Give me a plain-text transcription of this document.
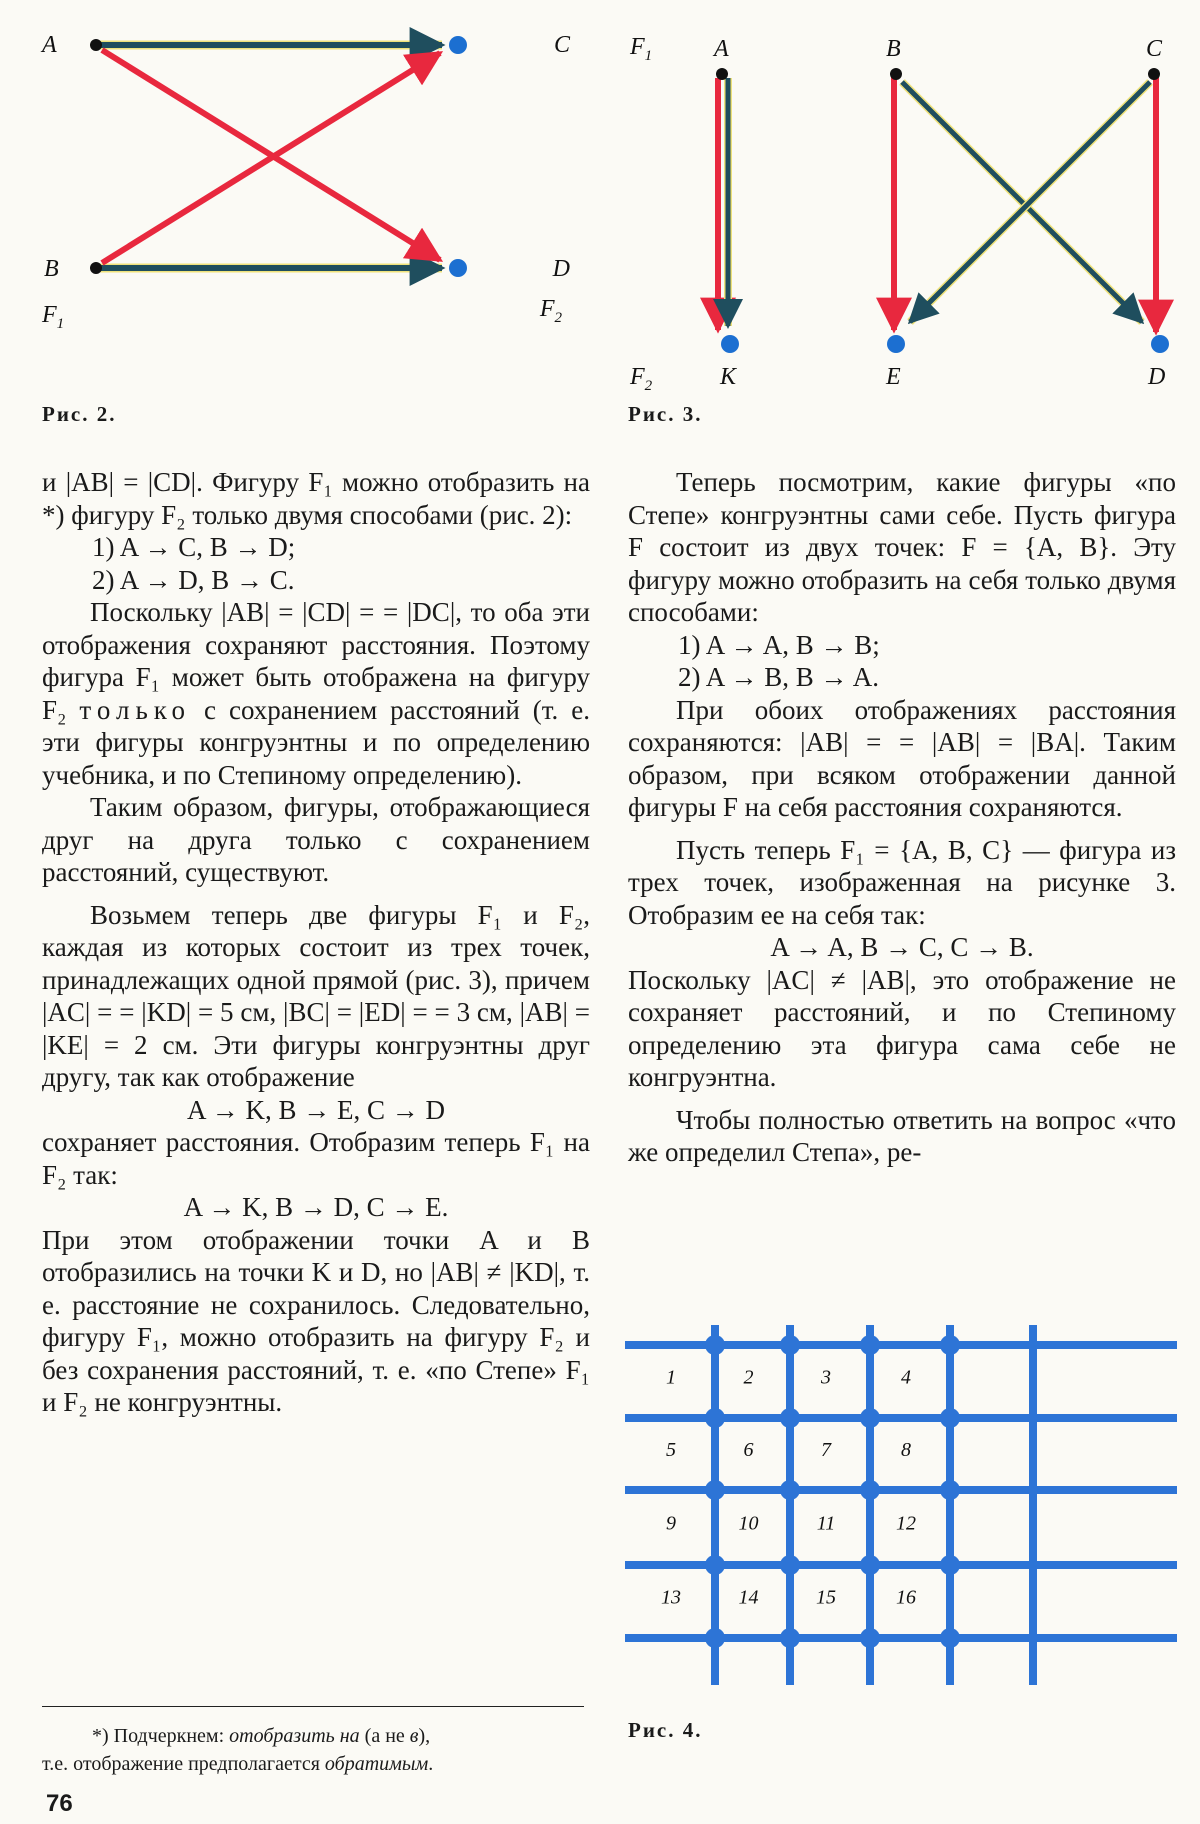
A
B
C
D
$F_1$
$F_2$
Рис. 2.
$F_1$	A	B	C
$F_2$	K	E	D
Рис. 3.

и |AB| = |CD|. Фигуру F₁ можно отобразить на *) фигуру F₂ только двумя способами (рис. 2):

1) A → C, B → D;

2) A → D, B → C.

Поскольку |AB| = |CD| = = |DC|, то оба эти отображения сохраняют расстояния. Поэтому фигура F₁ может быть отображена на фигуру F₂ только с сохранением расстояний (т. е. эти фигуры конгруэнтны и по определению учебника, и по Степиному определению).

Таким образом, фигуры, отображающиеся друг на друга только с сохранением расстояний, существуют.

Возьмем теперь две фигуры F₁ и F₂, каждая из которых состоит из трех точек, принадлежащих одной прямой (рис. 3), причем |AC| = = |KD| = 5 см, |BC| = |ED| = = 3 см, |AB| = |KE| = 2 см. Эти фигуры конгруэнтны друг другу, так как отображение

A → K, B → E, C → D

сохраняет расстояния. Отобразим теперь F₁ на F₂ так:

A → K, B → D, C → E.

При этом отображении точки A и B отобразились на точки K и D, но |AB| ≠ |KD|, т. е. расстояние не сохранилось. Следовательно, фигуру F₁, можно отобразить на фигуру F₂ и без сохранения расстояний, т. е. «по Степе» F₁ и F₂ не конгруэнтны.

*) Подчеркнем: отобразить на (а не в),

т.е. отображение предполагается обратимым.

76

Теперь посмотрим, какие фигуры «по Степе» конгруэнтны сами себе. Пусть фигура F состоит из двух точек: F = {A, B}. Эту фигуру можно отобразить на себя только двумя способами:

1) A → A, B → B;

2) A → B, B → A.

При обоих отображениях расстояния сохраняются: |AB| = = |AB| = |BA|. Таким образом, при всяком отображении данной фигуры F на себя расстояния сохраняются.

Пусть теперь F₁ = {A, B, C} — фигура из трех точек, изображенная на рисунке 3. Отобразим ее на себя так:

A → A, B → C, C → B.

Поскольку |AC| ≠ |AB|, это отображение не сохраняет расстояний, и по Степиному определению эта фигура сама себе не конгруэнтна.

Чтобы полностью ответить на вопрос «что же определил Степа», ре-

1	2	3	4
5	6	7	8
9	10	11	12
13	14	15	16
Рис. 4.
